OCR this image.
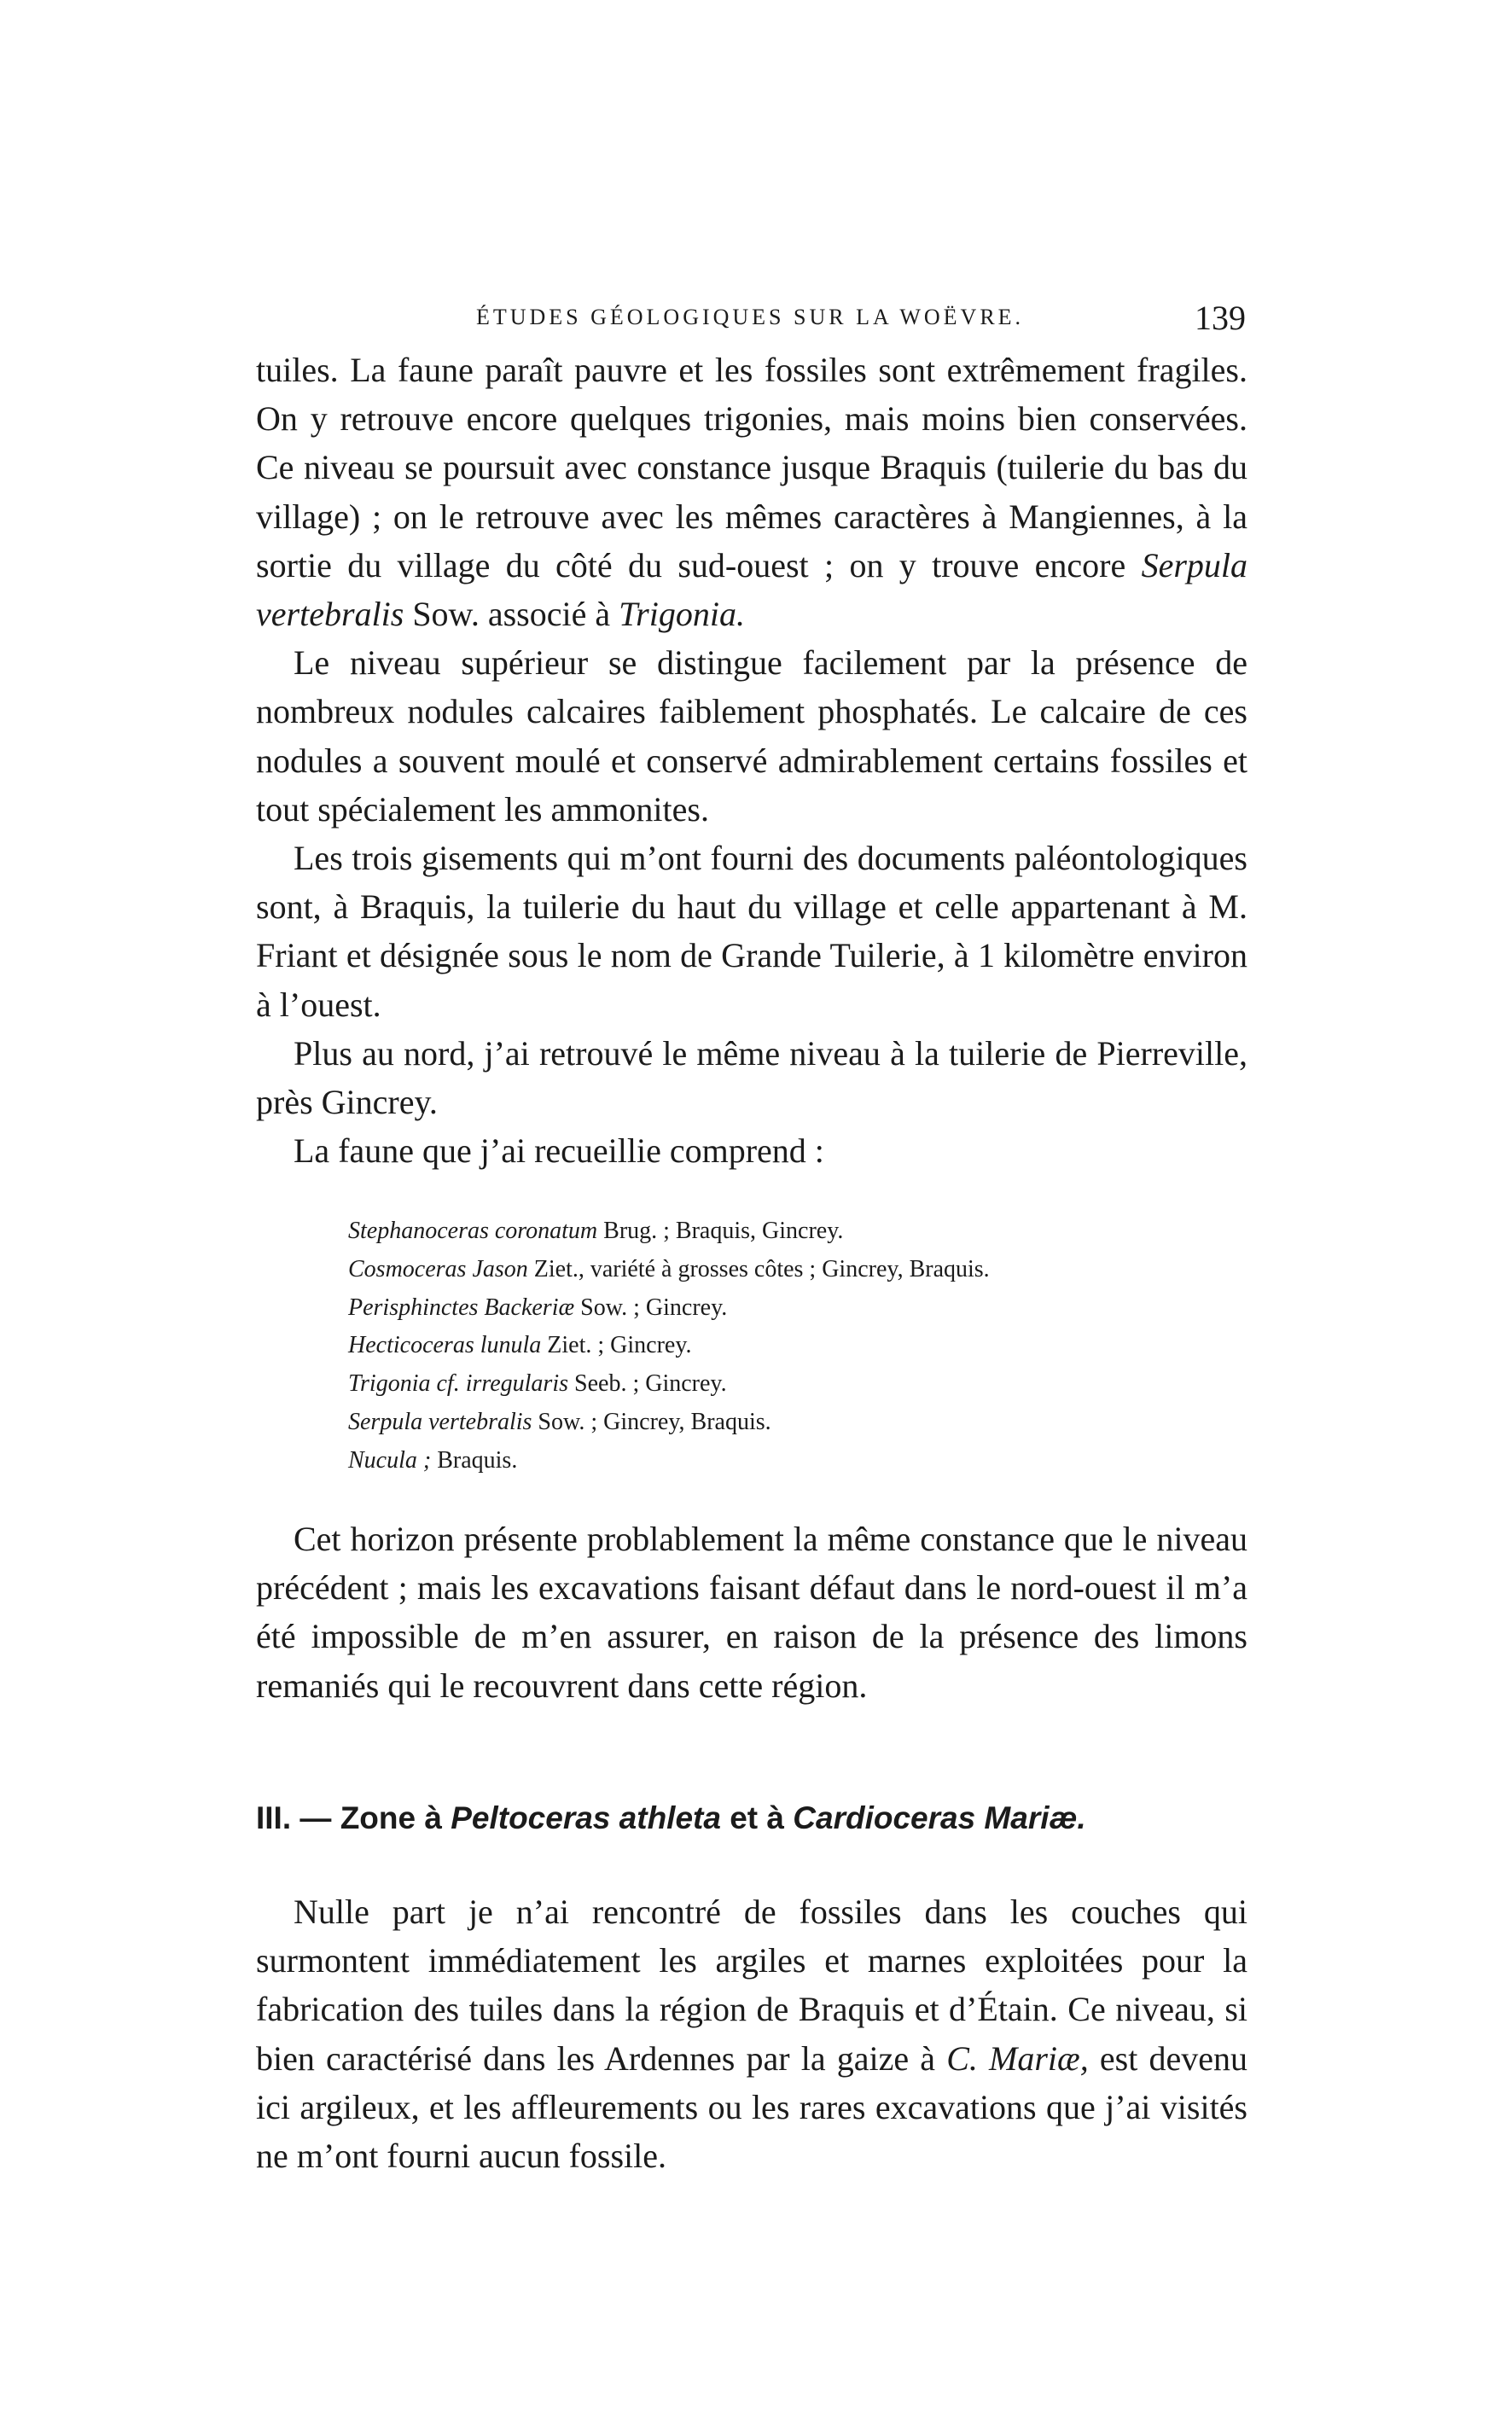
ÉTUDES GÉOLOGIQUES SUR LA WOËVRE.	139

tuiles. La faune paraît pauvre et les fossiles sont extrêmement fragiles. On y retrouve encore quelques trigonies, mais moins bien conservées. Ce niveau se poursuit avec constance jusque Braquis (tuilerie du bas du village) ; on le retrouve avec les mêmes caractères à Mangiennes, à la sortie du village du côté du sud-ouest ; on y trouve encore Serpula vertebralis Sow. associé à Trigonia.

Le niveau supérieur se distingue facilement par la présence de nombreux nodules calcaires faiblement phosphatés. Le calcaire de ces nodules a souvent moulé et conservé admirablement certains fossiles et tout spécialement les ammonites.

Les trois gisements qui m’ont fourni des documents paléontologiques sont, à Braquis, la tuilerie du haut du village et celle appartenant à M. Friant et désignée sous le nom de Grande Tuilerie, à 1 kilomètre environ à l’ouest.

Plus au nord, j’ai retrouvé le même niveau à la tuilerie de Pierreville, près Gincrey.

La faune que j’ai recueillie comprend :

Stephanoceras coronatum Brug. ; Braquis, Gincrey.
Cosmoceras Jason Ziet., variété à grosses côtes ; Gincrey, Braquis.
Perisphinctes Backeriæ Sow. ; Gincrey.
Hecticoceras lunula Ziet. ; Gincrey.
Trigonia cf. irregularis Seeb. ; Gincrey.
Serpula vertebralis Sow. ; Gincrey, Braquis.
Nucula ; Braquis.

Cet horizon présente problablement la même constance que le niveau précédent ; mais les excavations faisant défaut dans le nord-ouest il m’a été impossible de m’en assurer, en raison de la présence des limons remaniés qui le recouvrent dans cette région.

III. — Zone à Peltoceras athleta et à Cardioceras Mariæ.

Nulle part je n’ai rencontré de fossiles dans les couches qui surmontent immédiatement les argiles et marnes exploitées pour la fabrication des tuiles dans la région de Braquis et d’Étain. Ce niveau, si bien caractérisé dans les Ardennes par la gaize à C. Mariæ, est devenu ici argileux, et les affleurements ou les rares excavations que j’ai visités ne m’ont fourni aucun fossile.
